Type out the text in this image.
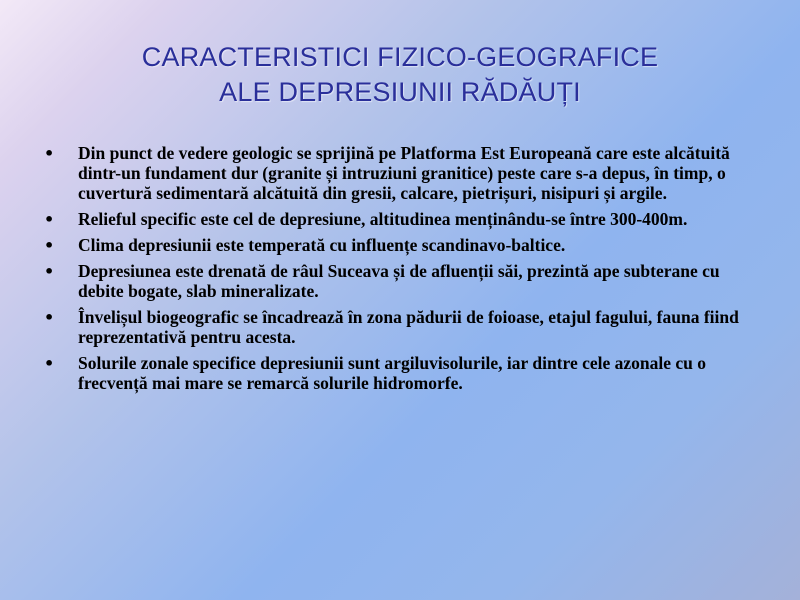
CARACTERISTICI FIZICO-GEOGRAFICE
ALE DEPRESIUNII RĂDĂUȚI
• Din punct de vedere geologic se sprijină pe Platforma Est Europeană care este alcătuită dintr-un fundament dur (granite și intruziuni granitice) peste care s-a depus, în timp, o cuvertură sedimentară alcătuită din gresii, calcare, pietrișuri, nisipuri și argile.
• Relieful specific este cel de depresiune, altitudinea menținându-se între 300-400m.
• Clima depresiunii este temperată cu influențe scandinavo-baltice.
• Depresiunea este drenată de râul Suceava și de afluenții săi, prezintă ape subterane cu debite bogate, slab mineralizate.
• Învelișul biogeografic se încadrează în zona pădurii de foioase, etajul fagului, fauna fiind reprezentativă pentru acesta.
• Solurile zonale specifice depresiunii sunt argiluvisolurile, iar dintre cele azonale cu o frecvență mai mare se remarcă solurile hidromorfe.
